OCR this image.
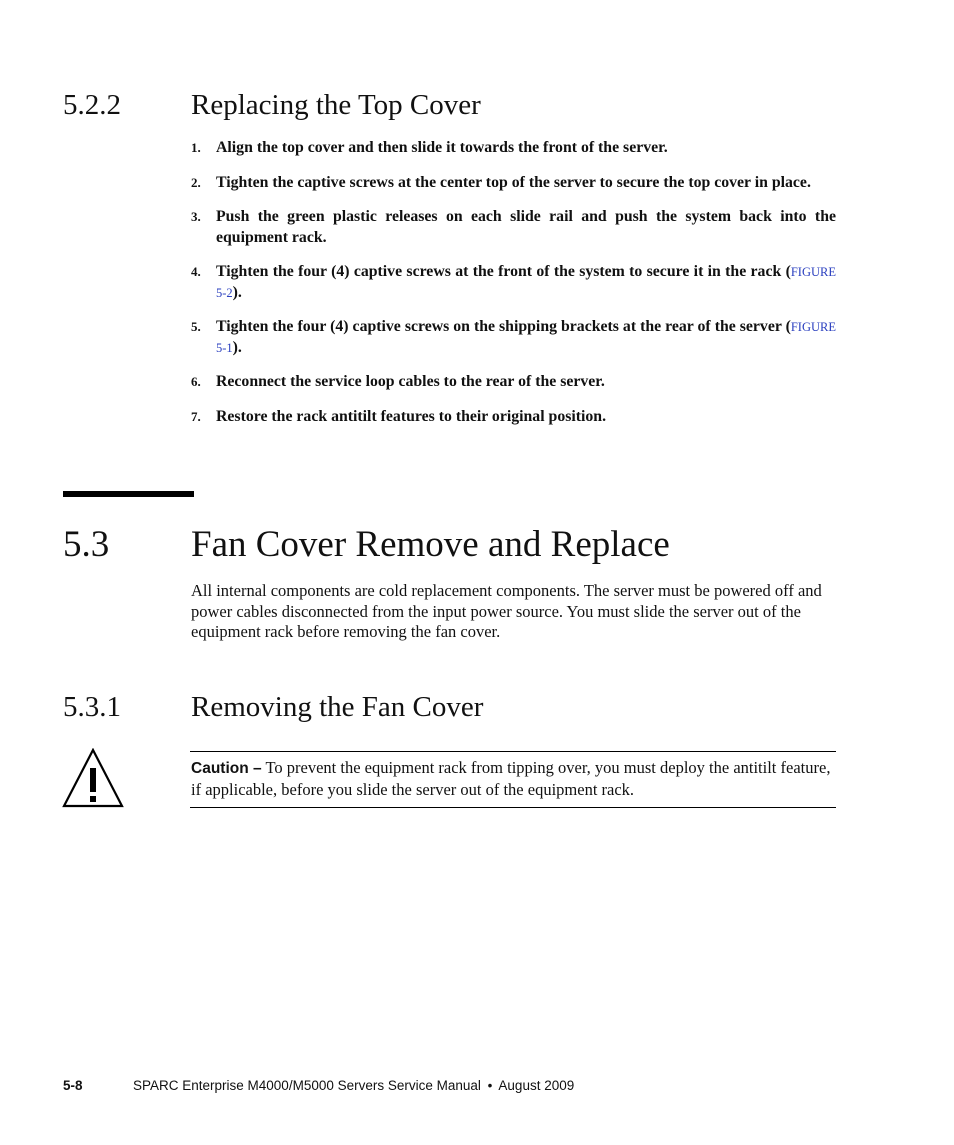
5.2.2 Replacing the Top Cover
1. Align the top cover and then slide it towards the front of the server.
2. Tighten the captive screws at the center top of the server to secure the top cover in place.
3. Push the green plastic releases on each slide rail and push the system back into the equipment rack.
4. Tighten the four (4) captive screws at the front of the system to secure it in the rack (FIGURE 5-2).
5. Tighten the four (4) captive screws on the shipping brackets at the rear of the server (FIGURE 5-1).
6. Reconnect the service loop cables to the rear of the server.
7. Restore the rack antitilt features to their original position.
5.3 Fan Cover Remove and Replace

All internal components are cold replacement components. The server must be powered off and power cables disconnected from the input power source. You must slide the server out of the equipment rack before removing the fan cover.

5.3.1 Removing the Fan Cover
Caution – To prevent the equipment rack from tipping over, you must deploy the antitilt feature, if applicable, before you slide the server out of the equipment rack.
5-8	SPARC Enterprise M4000/M5000 Servers Service Manual • August 2009
